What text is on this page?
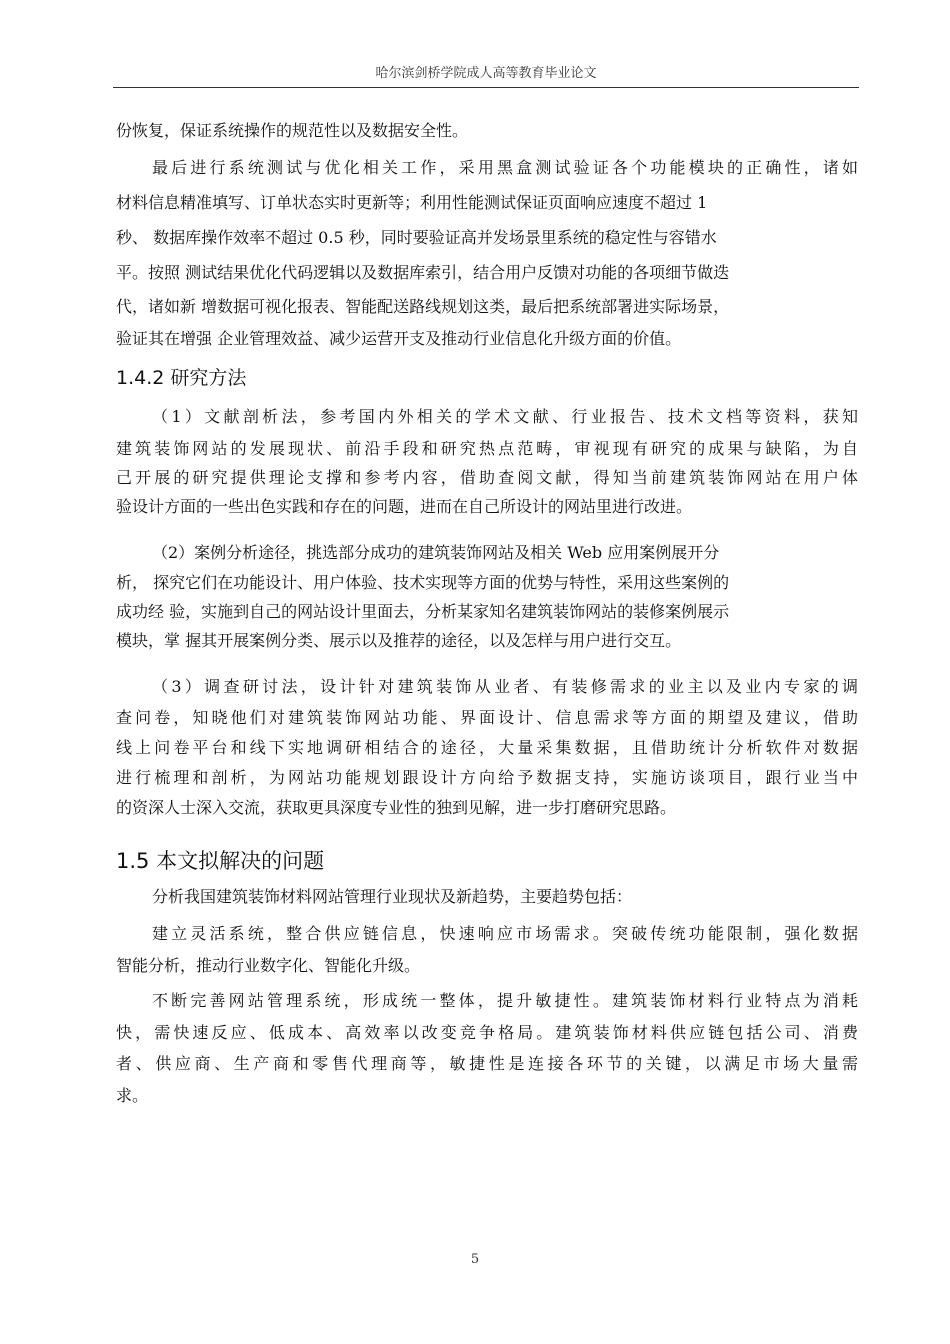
哈尔滨剑桥学院成人高等教育毕业论文
份恢复，保证系统操作的规范性以及数据安全性。
最后进行系统测试与优化相关工作，采用黑盒测试验证各个功能模块的正确性，诸如
材料信息精准填写、订单状态实时更新等；利用性能测试保证页面响应速度不超过 1
秒、 数据库操作效率不超过 0.5 秒，同时要验证高并发场景里系统的稳定性与容错水
平。按照 测试结果优化代码逻辑以及数据库索引，结合用户反馈对功能的各项细节做迭
代，诸如新 增数据可视化报表、智能配送路线规划这类，最后把系统部署进实际场景，
验证其在增强 企业管理效益、减少运营开支及推动行业信息化升级方面的价值。
1.4.2 研究方法
（1）文献剖析法，参考国内外相关的学术文献、行业报告、技术文档等资料，获知
建筑装饰网站的发展现状、前沿手段和研究热点范畴，审视现有研究的成果与缺陷，为自
己开展的研究提供理论支撑和参考内容，借助查阅文献，得知当前建筑装饰网站在用户体
验设计方面的一些出色实践和存在的问题，进而在自己所设计的网站里进行改进。
（2）案例分析途径，挑选部分成功的建筑装饰网站及相关 Web 应用案例展开分
析， 探究它们在功能设计、用户体验、技术实现等方面的优势与特性，采用这些案例的
成功经 验，实施到自己的网站设计里面去，分析某家知名建筑装饰网站的装修案例展示
模块，掌 握其开展案例分类、展示以及推荐的途径，以及怎样与用户进行交互。
（3）调查研讨法，设计针对建筑装饰从业者、有装修需求的业主以及业内专家的调
查问卷，知晓他们对建筑装饰网站功能、界面设计、信息需求等方面的期望及建议，借助
线上问卷平台和线下实地调研相结合的途径，大量采集数据，且借助统计分析软件对数据
进行梳理和剖析，为网站功能规划跟设计方向给予数据支持，实施访谈项目，跟行业当中
的资深人士深入交流，获取更具深度专业性的独到见解，进一步打磨研究思路。
1.5 本文拟解决的问题
分析我国建筑装饰材料网站管理行业现状及新趋势，主要趋势包括：
建立灵活系统，整合供应链信息，快速响应市场需求。突破传统功能限制，强化数据
智能分析，推动行业数字化、智能化升级。
不断完善网站管理系统，形成统一整体，提升敏捷性。建筑装饰材料行业特点为消耗
快，需快速反应、低成本、高效率以改变竞争格局。建筑装饰材料供应链包括公司、消费
者、供应商、生产商和零售代理商等，敏捷性是连接各环节的关键，以满足市场大量需
求。
5
